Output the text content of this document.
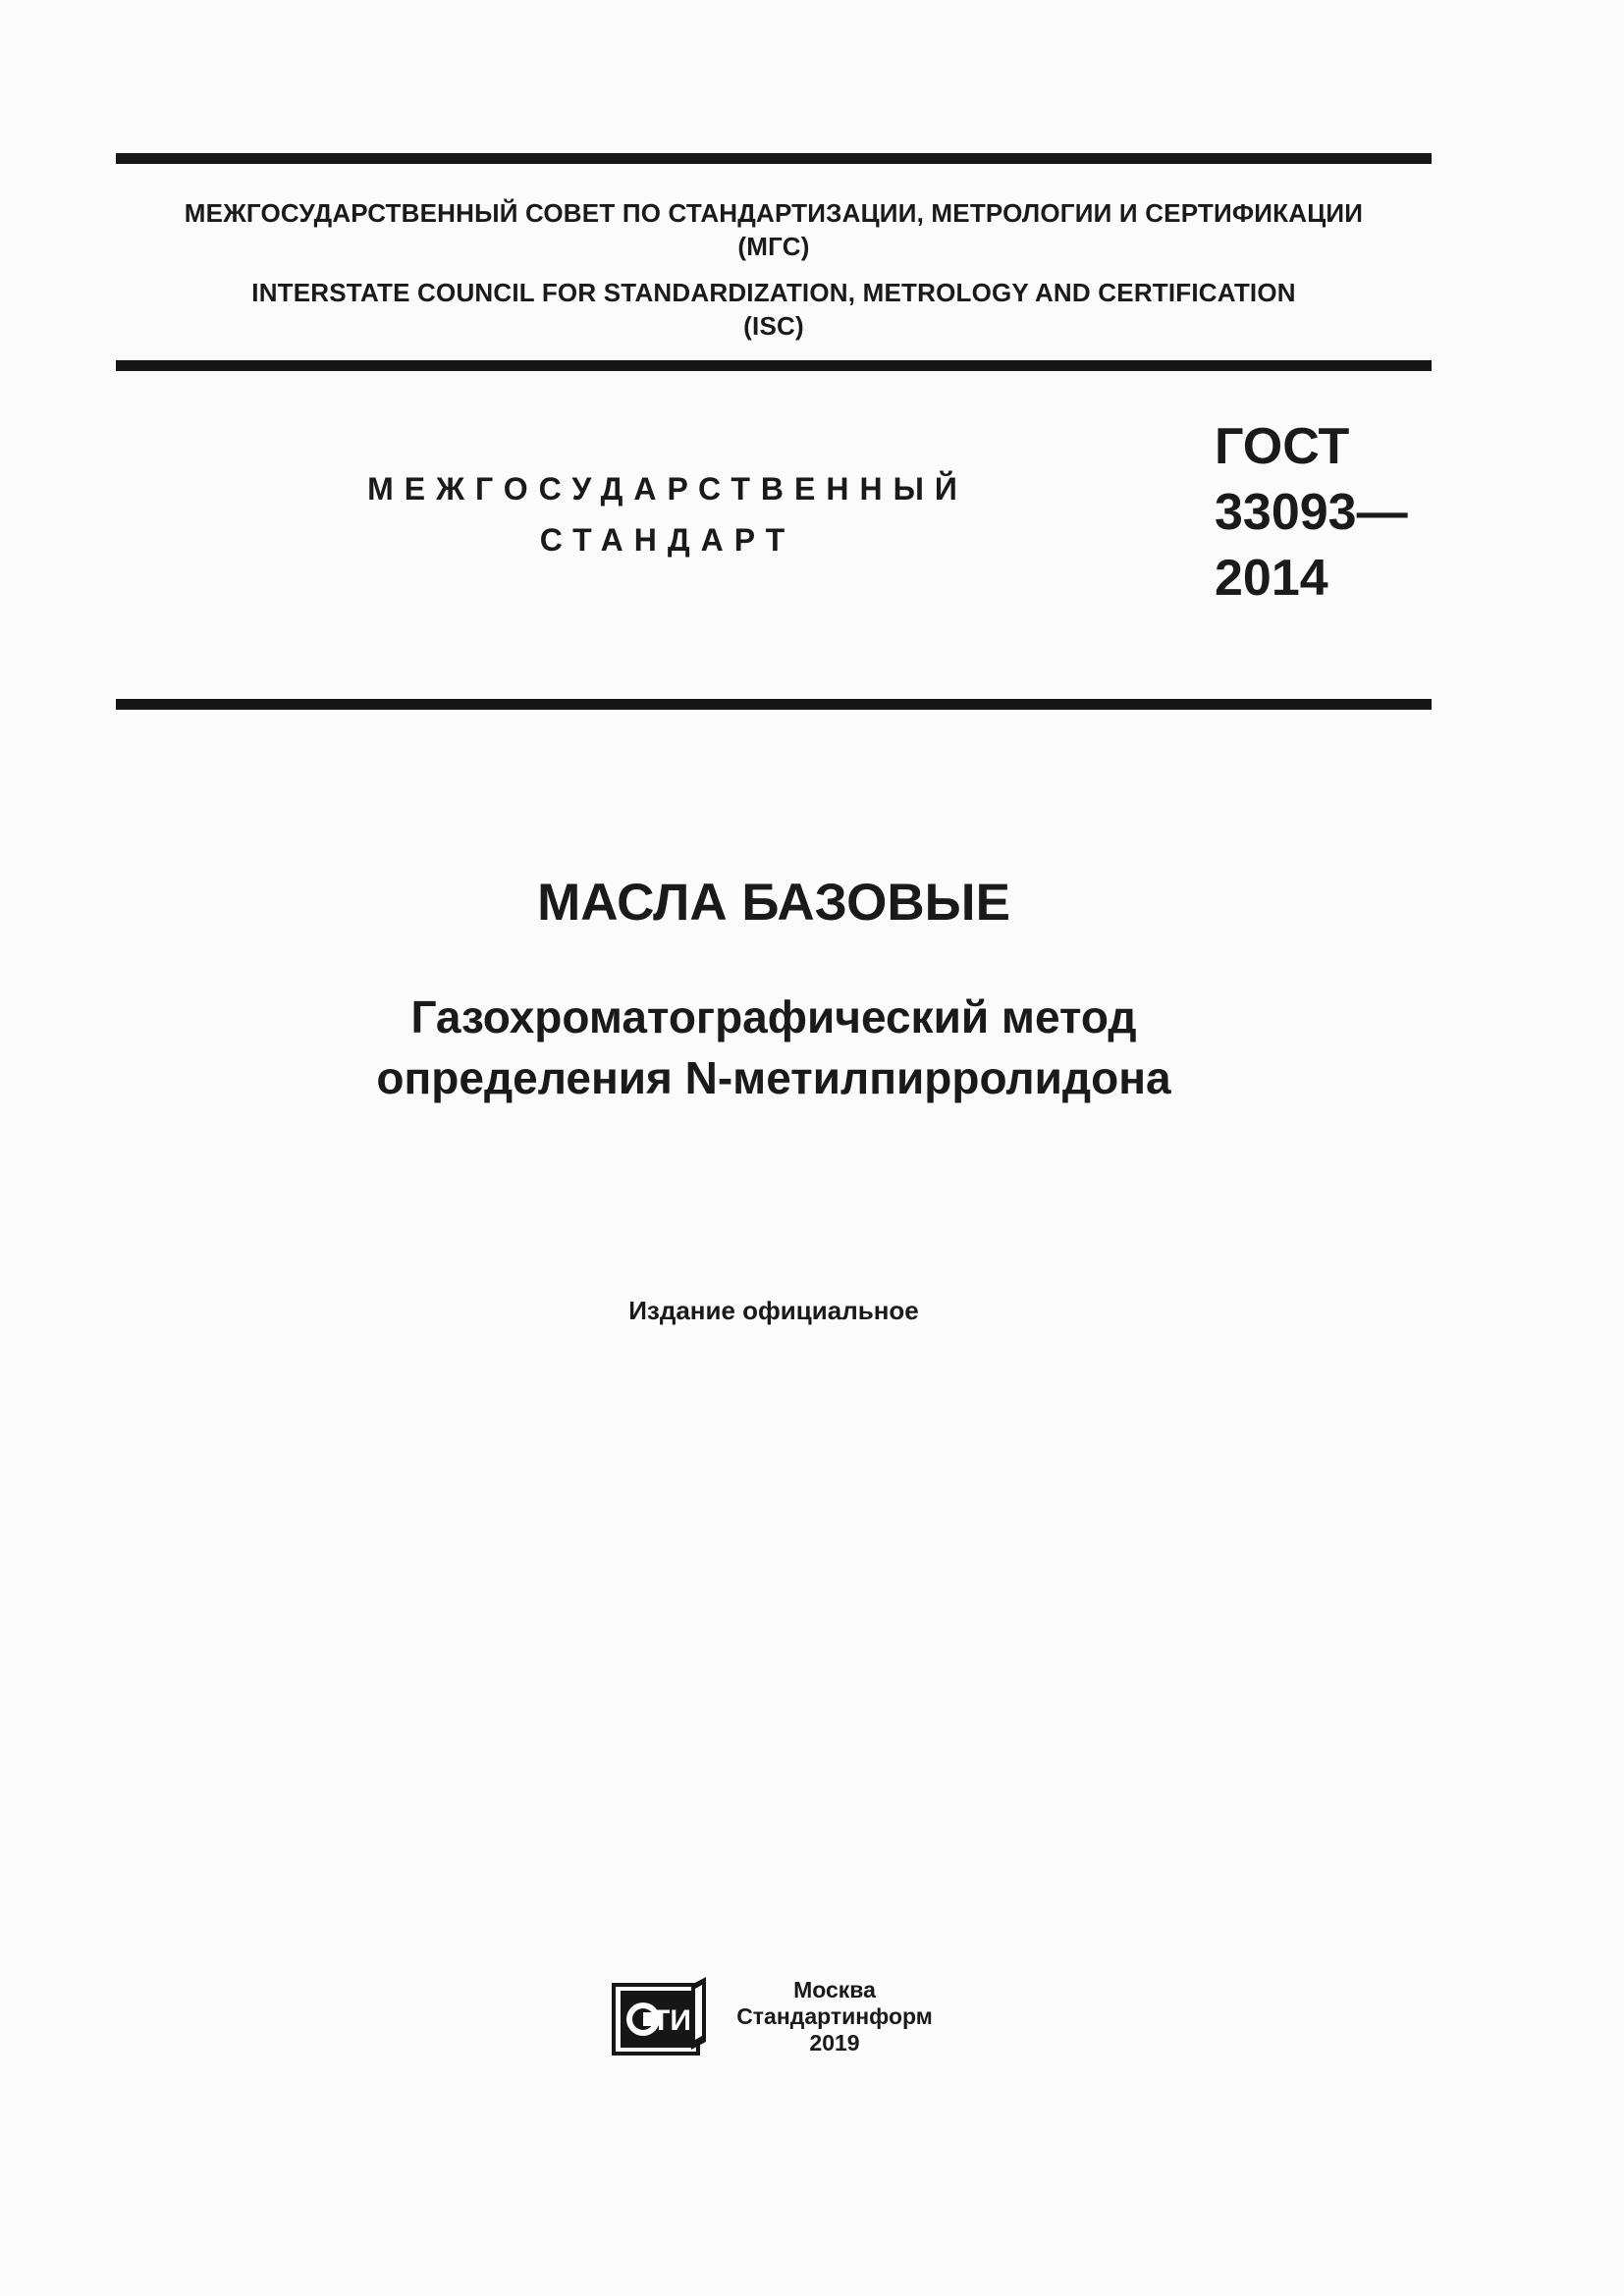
МЕЖГОСУДАРСТВЕННЫЙ СОВЕТ ПО СТАНДАРТИЗАЦИИ, МЕТРОЛОГИИ И СЕРТИФИКАЦИИ
(МГС)
INTERSTATE COUNCIL FOR STANDARDIZATION, METROLOGY AND CERTIFICATION
(ISC)
МЕЖГОСУДАРСТВЕННЫЙ
СТАНДАРТ
ГОСТ
33093—
2014
МАСЛА БАЗОВЫЕ
Газохроматографический метод
определения N-метилпирролидона
Издание официальное
ТИ
Москва
Стандартинформ
2019
